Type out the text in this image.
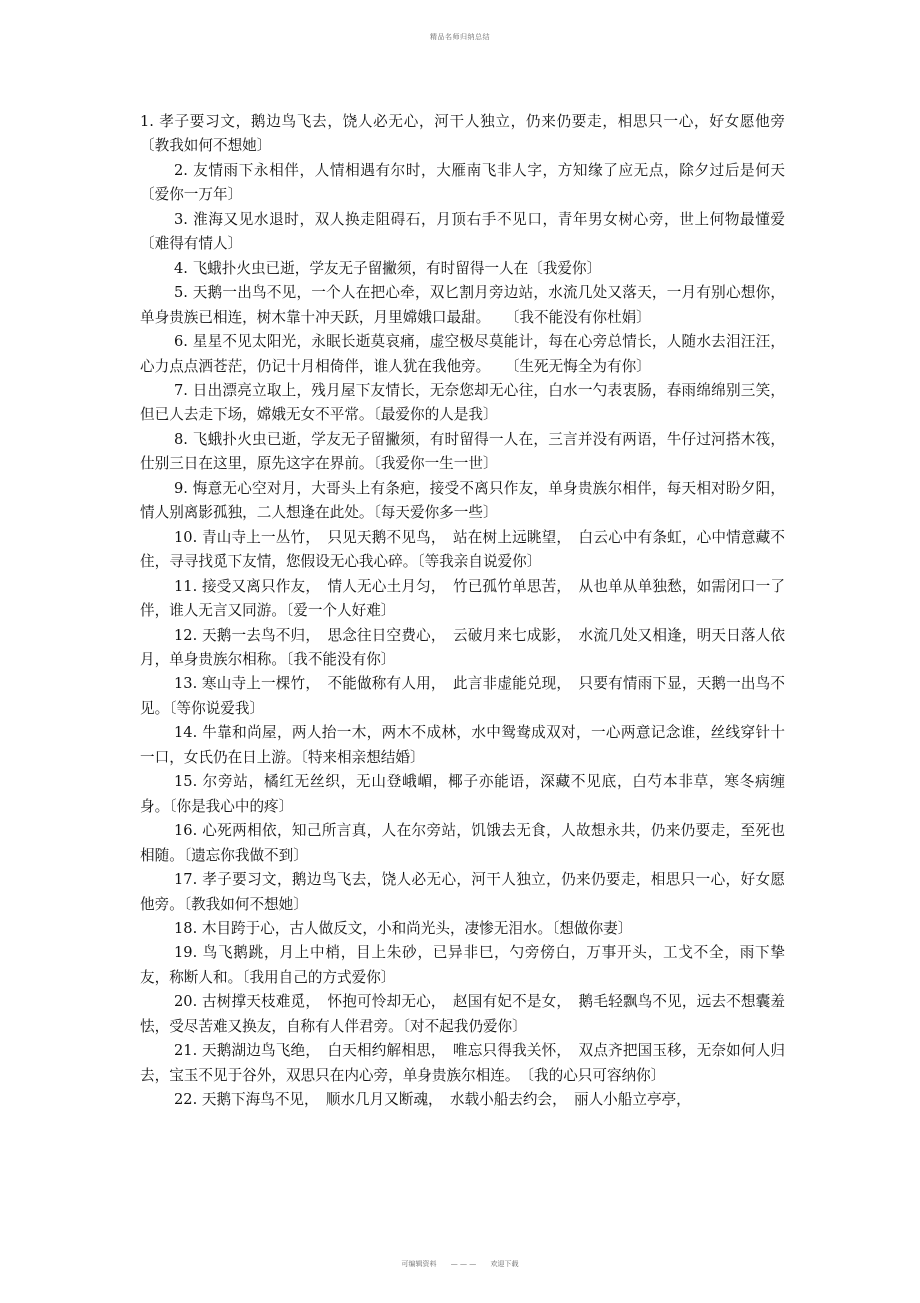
精品名师归纳总结

1. 孝子要习文，鹅边鸟飞去，饶人必无心，河干人独立，仍来仍要走，相思只一心，好女愿他旁〔教我如何不想她〕

2. 友情雨下永相伴，人情相遇有尔时，大雁南飞非人字，方知缘了应无点，除夕过后是何天〔爱你一万年〕

3. 淮海又见水退时，双人换走阻碍石，月顶右手不见口，青年男女树心旁，世上何物最懂爱〔难得有情人〕

4. 飞蛾扑火虫已逝，学友无子留撇须，有时留得一人在〔我爱你〕

5. 天鹅一出鸟不见，一个人在把心牵，双匕割月旁边站，水流几处又落天，一月有别心想你，单身贵族已相连，树木靠十冲天跃，月里嫦娥口最甜。　　〔我不能没有你杜娟〕

6. 星星不见太阳光，永眠长逝莫哀痛，虚空极尽莫能计，每在心旁总情长，人随水去泪汪汪，心力点点洒苍茫，仍记十月相倚伴，谁人犹在我他旁。　　〔生死无悔全为有你〕

7. 日出漂亮立取上，残月屋下友情长，无奈您却无心往，白水一勺表衷肠，春雨绵绵别三笑，但已人去走下场，嫦娥无女不平常。〔最爱你的人是我〕

8. 飞蛾扑火虫已逝，学友无子留撇须，有时留得一人在，三言并没有两语，牛仔过河搭木筏，仕别三日在这里，原先这字在界前。〔我爱你一生一世〕

9. 悔意无心空对月，大哥头上有条疤，接受不离只作友，单身贵族尔相伴，每天相对盼夕阳，情人别离影孤独，二人想逢在此处。〔每天爱你多一些〕

10. 青山寺上一丛竹，　只见天鹅不见鸟，　站在树上远眺望，　白云心中有条虹，心中情意藏不住，寻寻找觅下友情，您假设无心我心碎。〔等我亲自说爱你〕

11. 接受又离只作友，　情人无心土月匀，　竹已孤竹单思苦，　从也单从单独愁，如需闭口一了伴，谁人无言又同游。〔爱一个人好难〕

12. 天鹅一去鸟不归，　思念往日空费心，　云破月来七成影，　水流几处又相逢，明天日落人依月，单身贵族尔相称。〔我不能没有你〕

13. 寒山寺上一棵竹，　不能做称有人用，　此言非虚能兑现，　只要有情雨下显，天鹅一出鸟不见。〔等你说爱我〕

14. 牛靠和尚屋，两人抬一木，两木不成林，水中鸳鸯成双对，一心两意记念谁，丝线穿针十一口，女氏仍在日上游。〔特来相亲想结婚〕

15. 尔旁站，橘红无丝织，无山登峨嵋，椰子亦能语，深藏不见底，白芍本非草，寒冬病缠身。〔你是我心中的疼〕

16. 心死两相依，知己所言真，人在尔旁站，饥饿去无食，人故想永共，仍来仍要走，至死也相随。〔遗忘你我做不到〕

17. 孝子要习文，鹅边鸟飞去，饶人必无心，河干人独立，仍来仍要走，相思只一心，好女愿他旁。〔教我如何不想她〕

18. 木目跨于心，古人做反文，小和尚光头，凄惨无泪水。〔想做你妻〕

19. 鸟飞鹅跳，月上中梢，目上朱砂，已异非巳，勺旁傍白，万事开头，工戈不全，雨下挚友，称断人和。〔我用自己的方式爱你〕

20. 古树撑天枝难觅，　怀抱可怜却无心，　赵国有妃不是女，　鹅毛轻飘鸟不见，远去不想囊羞怯，受尽苦难又换友，自称有人伴君旁。〔对不起我仍爱你〕

21. 天鹅湖边鸟飞绝，　白天相约解相思，　唯忘只得我关怀，　双点齐把国玉移，无奈如何人归去，宝玉不见于谷外，双思只在内心旁，单身贵族尔相连。　〔我的心只可容纳你〕

22. 天鹅下海鸟不见，　顺水几月又断魂，　水载小船去约会，　丽人小船立亭亭，

可编辑资料 — — — 欢迎下载
